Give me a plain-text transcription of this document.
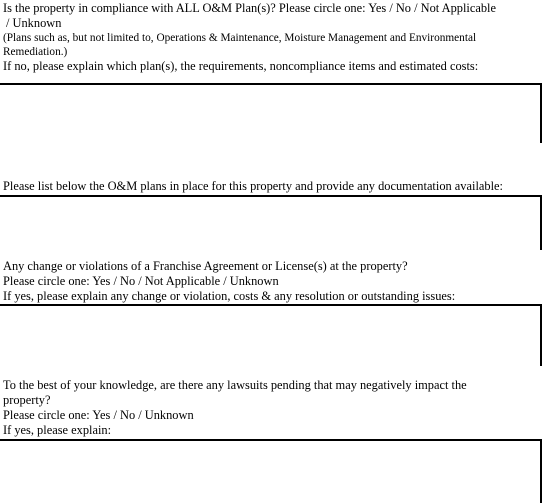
Is the property in compliance with ALL O&M Plan(s)? Please circle one: Yes / No / Not Applicable
/ Unknown
(Plans such as, but not limited to, Operations & Maintenance, Moisture Management and Environmental
Remediation.)
If no, please explain which plan(s), the requirements, noncompliance items and estimated costs:
Please list below the O&M plans in place for this property and provide any documentation available:
Any change or violations of a Franchise Agreement or License(s) at the property?
Please circle one: Yes / No / Not Applicable / Unknown
If yes, please explain any change or violation, costs & any resolution or outstanding issues:
To the best of your knowledge, are there any lawsuits pending that may negatively impact the
property?
Please circle one: Yes / No / Unknown
If yes, please explain:
